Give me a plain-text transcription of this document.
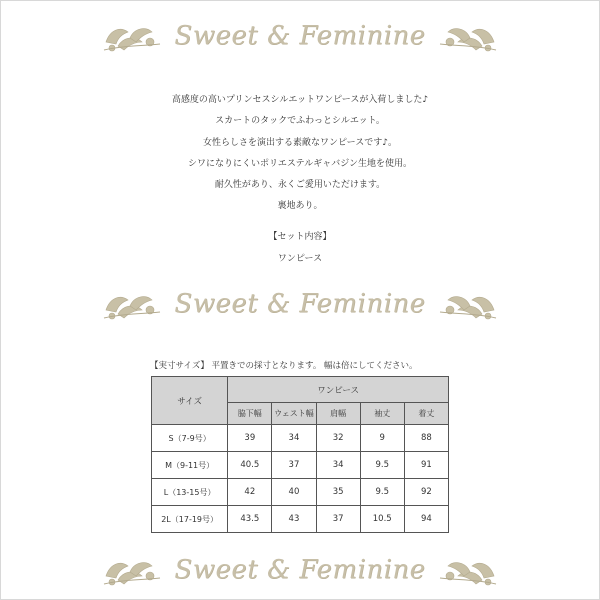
Sweet & Feminine
高感度の高いプリンセスシルエットワンピースが入荷しました♪
スカートのタックでふわっとシルエット。
女性らしさを演出する素敵なワンピースです♪。
シワになりにくいポリエステルギャバジン生地を使用。
耐久性があり、永くご愛用いただけます。
裏地あり。
【セット内容】
ワンピース
Sweet & Feminine
【実寸サイズ】 平置きでの採寸となります。 幅は倍にしてください。
サイズ	ワンピース				
	脇下幅	ウェスト幅	肩幅	袖丈	着丈
S（7-9号）	39	34	32	9	88
M（9-11号）	40.5	37	34	9.5	91
L（13-15号）	42	40	35	9.5	92
2L（17-19号）	43.5	43	37	10.5	94
Sweet & Feminine
